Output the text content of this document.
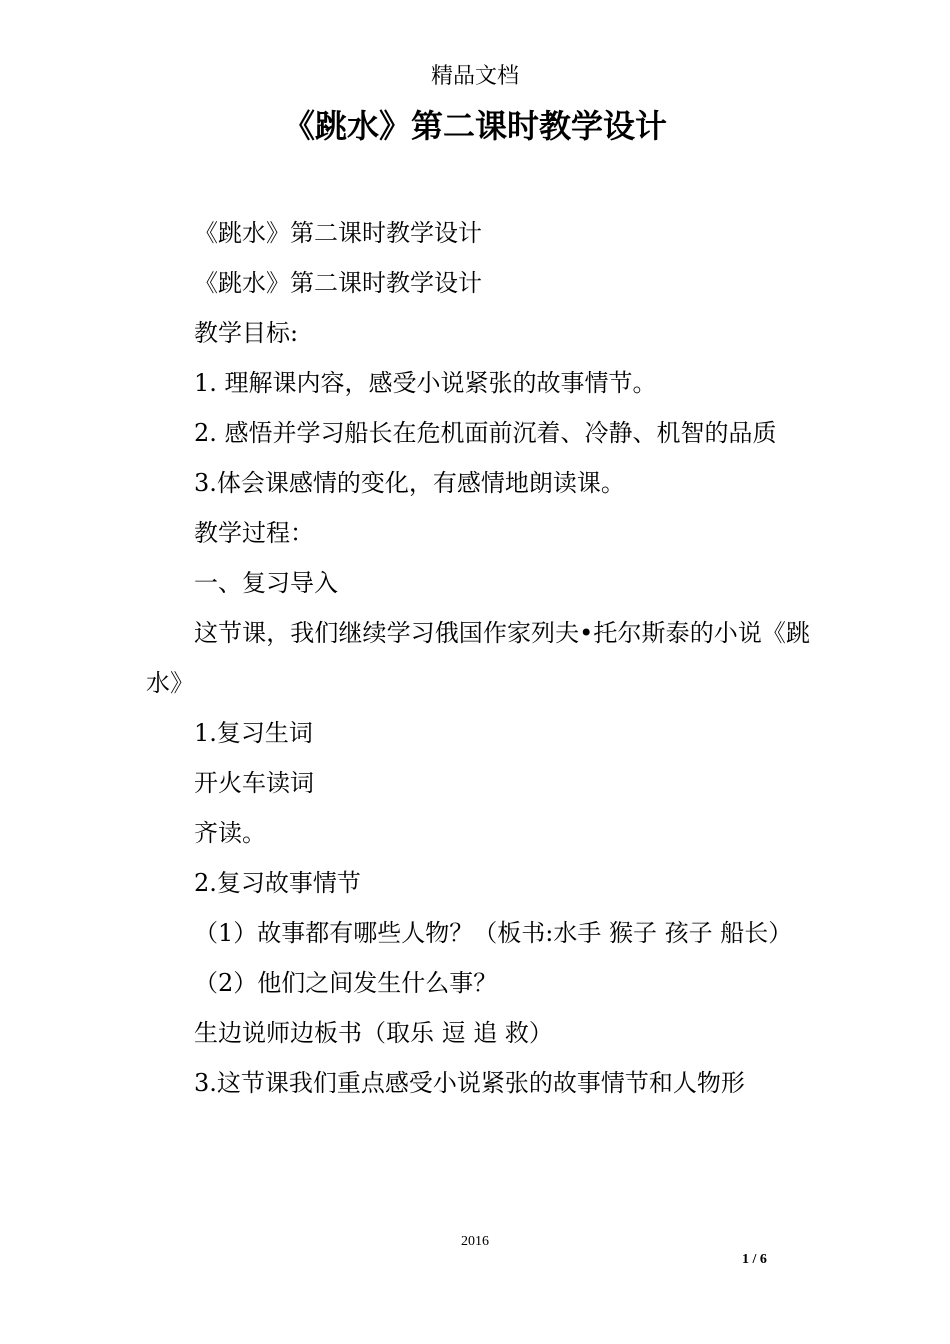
精品文档
《跳水》第二课时教学设计

《跳水》第二课时教学设计

《跳水》第二课时教学设计

教学目标:

1. 理解课内容，感受小说紧张的故事情节。

2. 感悟并学习船长在危机面前沉着、冷静、机智的品质

3.体会课感情的变化，有感情地朗读课。

教学过程：

一、复习导入

这节课，我们继续学习俄国作家列夫•托尔斯泰的小说《跳水》

1.复习生词

开火车读词

齐读。

2.复习故事情节

（1）故事都有哪些人物？（板书:水手 猴子 孩子 船长）

（2）他们之间发生什么事？

生边说师边板书（取乐 逗 追 救）

3.这节课我们重点感受小说紧张的故事情节和人物形

2016
1 / 6
